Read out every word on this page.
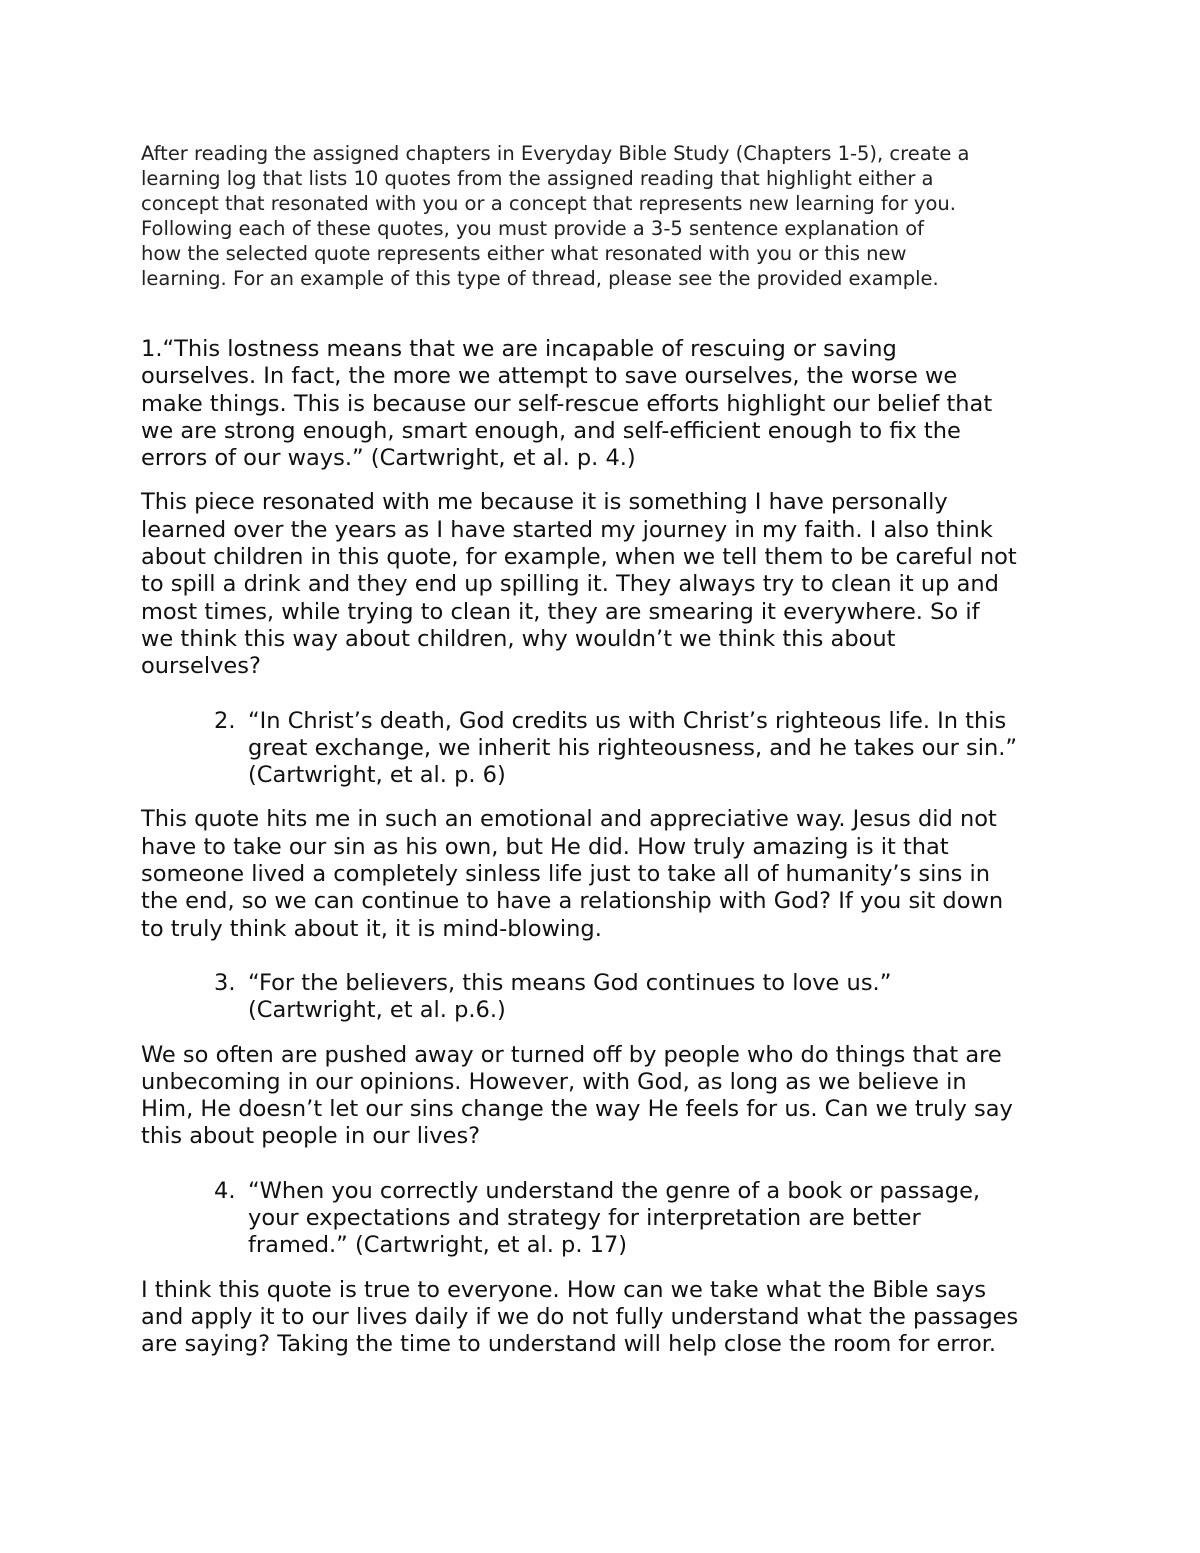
After reading the assigned chapters in Everyday Bible Study (Chapters 1-5), create a
learning log that lists 10 quotes from the assigned reading that highlight either a
concept that resonated with you or a concept that represents new learning for you.
Following each of these quotes, you must provide a 3-5 sentence explanation of
how the selected quote represents either what resonated with you or this new
learning. For an example of this type of thread, please see the provided example.

1.“This lostness means that we are incapable of rescuing or saving
ourselves. In fact, the more we attempt to save ourselves, the worse we
make things. This is because our self-rescue efforts highlight our belief that
we are strong enough, smart enough, and self-efficient enough to fix the
errors of our ways.” (Cartwright, et al. p. 4.)

This piece resonated with me because it is something I have personally
learned over the years as I have started my journey in my faith. I also think
about children in this quote, for example, when we tell them to be careful not
to spill a drink and they end up spilling it. They always try to clean it up and
most times, while trying to clean it, they are smearing it everywhere. So if
we think this way about children, why wouldn’t we think this about
ourselves?

2. “In Christ’s death, God credits us with Christ’s righteous life. In this
great exchange, we inherit his righteousness, and he takes our sin.”
(Cartwright, et al. p. 6)

This quote hits me in such an emotional and appreciative way. Jesus did not
have to take our sin as his own, but He did. How truly amazing is it that
someone lived a completely sinless life just to take all of humanity’s sins in
the end, so we can continue to have a relationship with God? If you sit down
to truly think about it, it is mind-blowing.

3. “For the believers, this means God continues to love us.”
(Cartwright, et al. p.6.)

We so often are pushed away or turned off by people who do things that are
unbecoming in our opinions. However, with God, as long as we believe in
Him, He doesn’t let our sins change the way He feels for us. Can we truly say
this about people in our lives?

4. “When you correctly understand the genre of a book or passage,
your expectations and strategy for interpretation are better
framed.” (Cartwright, et al. p. 17)

I think this quote is true to everyone. How can we take what the Bible says
and apply it to our lives daily if we do not fully understand what the passages
are saying? Taking the time to understand will help close the room for error.
